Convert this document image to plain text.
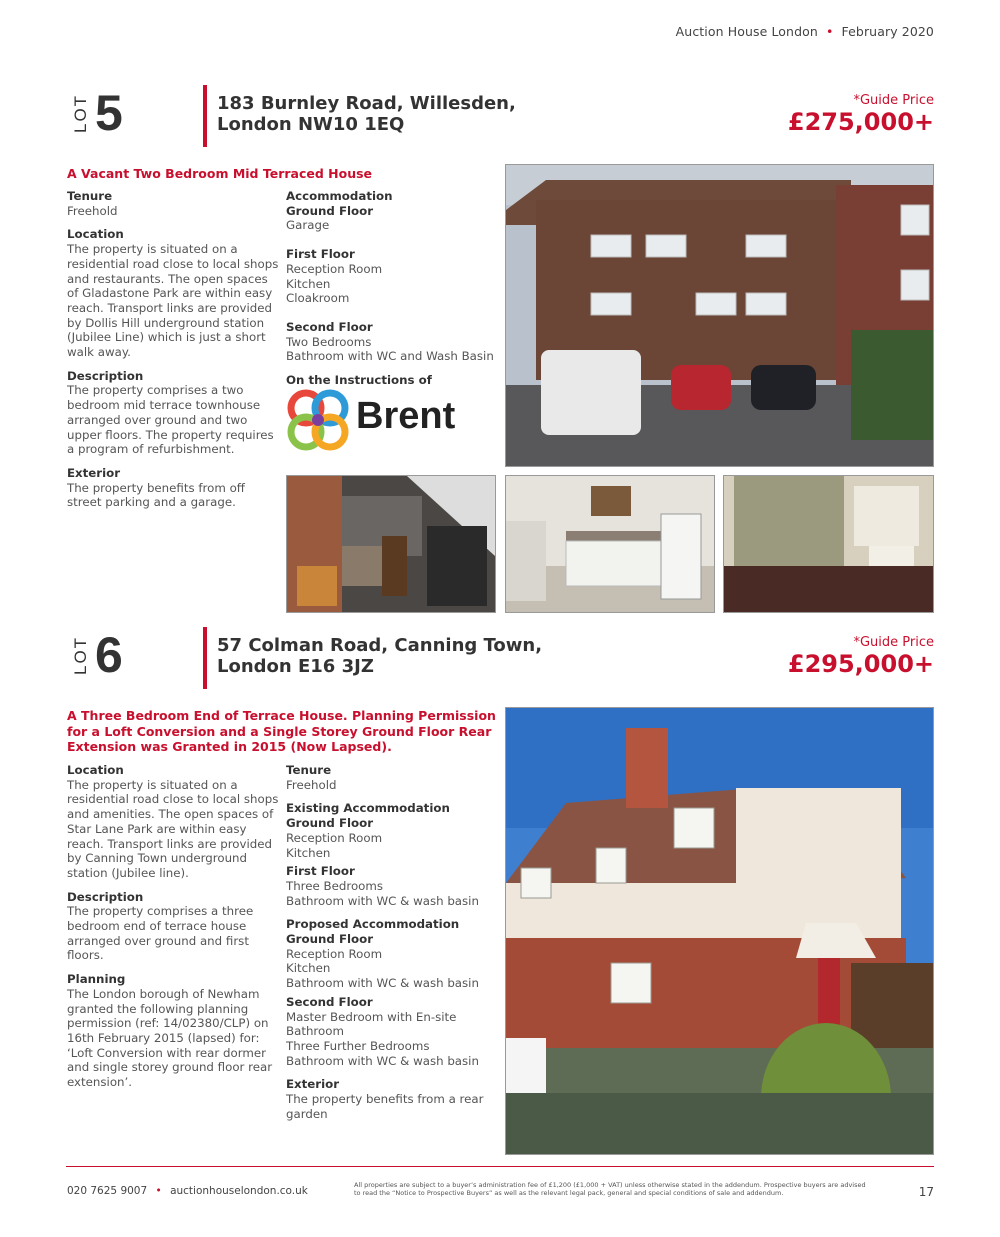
Auction House London • February 2020
LOT 5	183 Burnley Road, Willesden,
London NW10 1EQ
*Guide Price
£275,000+
A Vacant Two Bedroom Mid Terraced House
Tenure
Freehold
Location
The property is situated on a
residential road close to local shops
and restaurants. The open spaces
of Gladastone Park are within easy
reach. Transport links are provided
by Dollis Hill underground station
(Jubilee Line) which is just a short
walk away.
Description
The property comprises a two
bedroom mid terrace townhouse
arranged over ground and two
upper floors. The property requires
a program of refurbishment.
Exterior
The property benefits from off
street parking and a garage.
Accommodation
Ground Floor
Garage
First Floor
Reception Room
Kitchen
Cloakroom
Second Floor
Two Bedrooms
Bathroom with WC and Wash Basin
On the Instructions of
Brent
LOT 6	57 Colman Road, Canning Town,
London E16 3JZ
*Guide Price
£295,000+
A Three Bedroom End of Terrace House. Planning Permission
for a Loft Conversion and a Single Storey Ground Floor Rear
Extension was Granted in 2015 (Now Lapsed).
Location
The property is situated on a
residential road close to local shops
and amenities. The open spaces of
Star Lane Park are within easy
reach. Transport links are provided
by Canning Town underground
station (Jubilee line).
Description
The property comprises a three
bedroom end of terrace house
arranged over ground and first
floors.
Planning
The London borough of Newham
granted the following planning
permission (ref: 14/02380/CLP) on
16th February 2015 (lapsed) for:
‘Loft Conversion with rear dormer
and single storey ground floor rear
extension’.
Tenure
Freehold
Existing Accommodation
Ground Floor
Reception Room
Kitchen
First Floor
Three Bedrooms
Bathroom with WC & wash basin
Proposed Accommodation
Ground Floor
Reception Room
Kitchen
Bathroom with WC & wash basin
Second Floor
Master Bedroom with En-site
Bathroom
Three Further Bedrooms
Bathroom with WC & wash basin
Exterior
The property benefits from a rear
garden
020 7625 9007 • auctionhouselondon.co.uk	All properties are subject to a buyer’s administration fee of £1,200 (£1,000 + VAT) unless otherwise stated in the addendum. Prospective buyers are advised
to read the “Notice to Prospective Buyers” as well as the relevant legal pack, general and special conditions of sale and addendum.	17
